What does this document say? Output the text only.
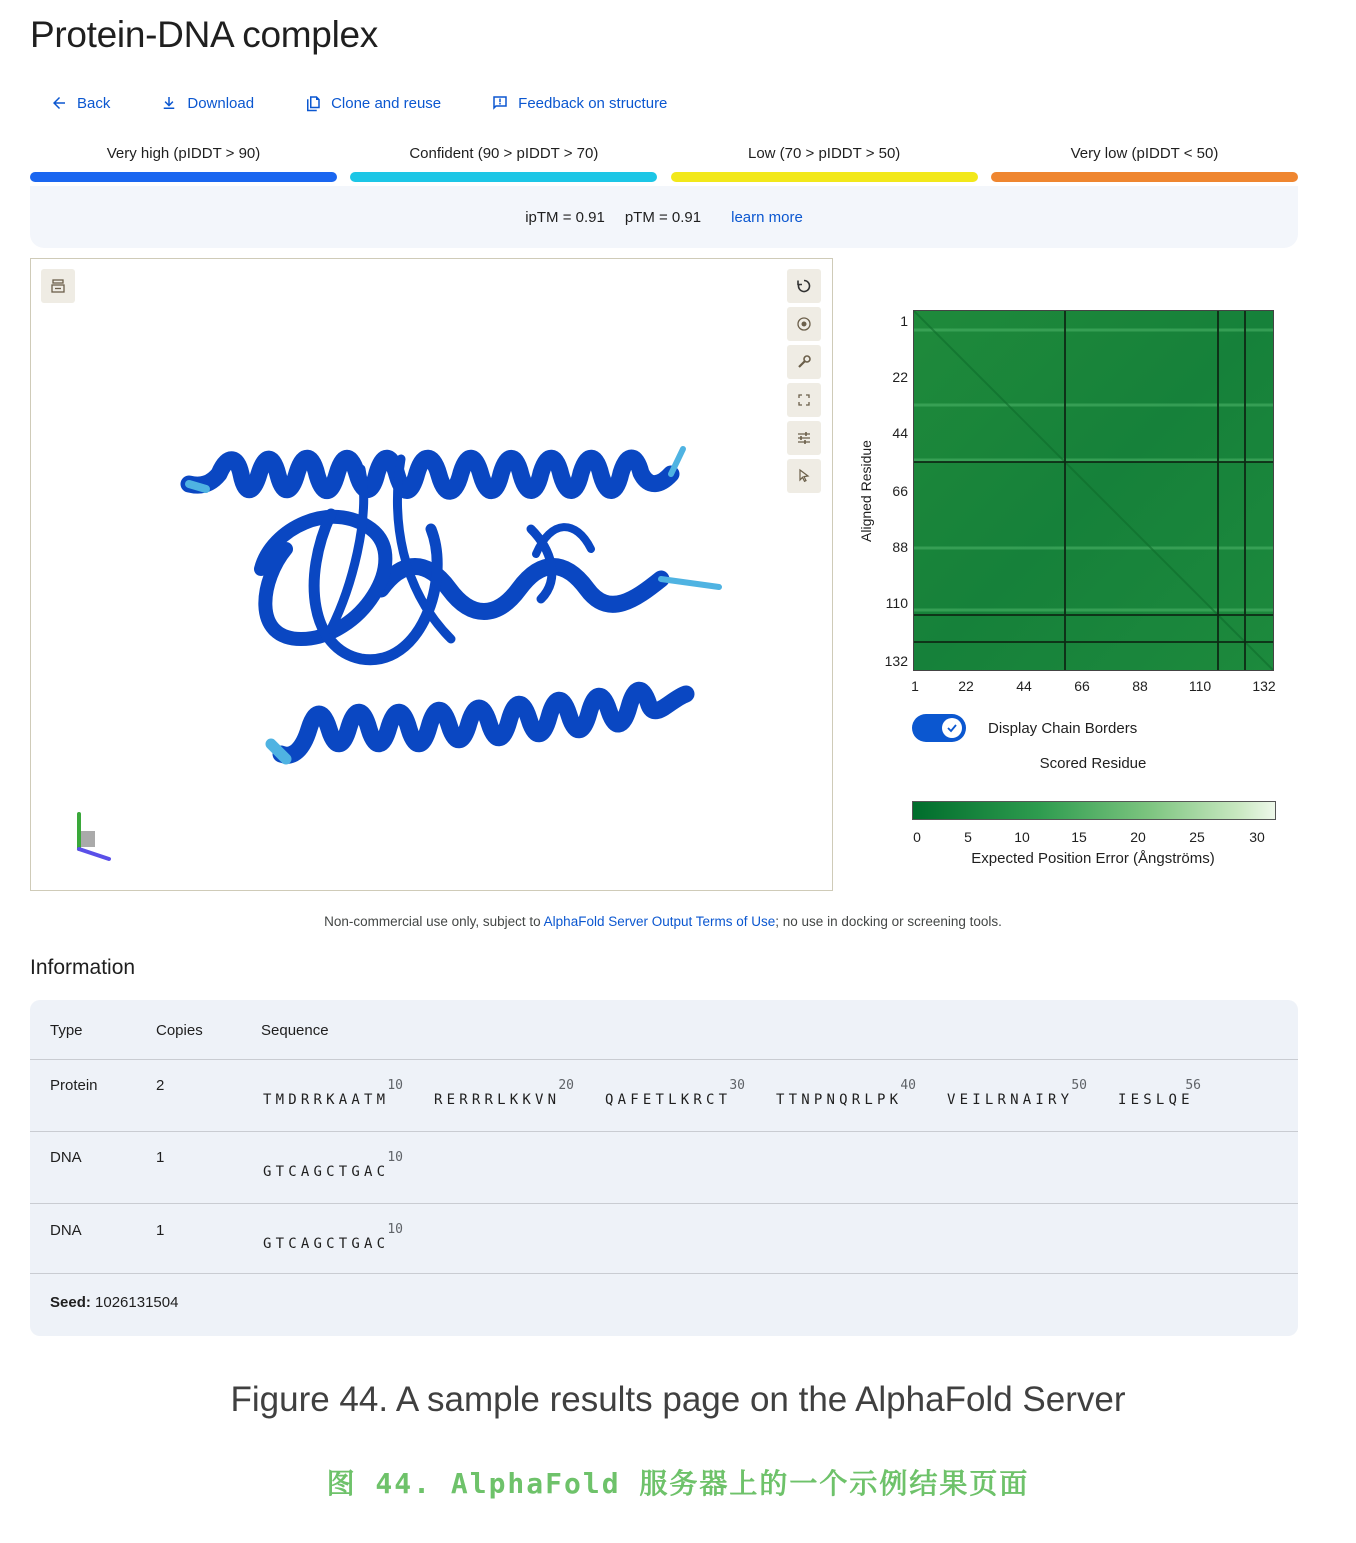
Protein-DNA complex
Back	Download	Clone and reuse	Feedback on structure
Very high (pIDDT > 90)	Confident (90 > pIDDT > 70)	Low (70 > pIDDT > 50)	Very low (pIDDT < 50)
ipTM = 0.91 pTM = 0.91 learn more
Aligned Residue
1
22
44
66
88
110
132
1	22	44	66	88	110	132
Display Chain Borders
Scored Residue
0	5	10	15	20	25	30
Expected Position Error (Ångströms)
Non-commercial use only, subject to AlphaFold Server Output Terms of Use; no use in docking or screening tools.
Information
Type	Copies	Sequence
Protein	2	10
TMDRRKAATM
20
RERRRLKKVN
30
QAFETLKRCT
40
TTNPNQRLPK
50
VEILRNAIRY
56
IESLQE
DNA	1	10
GTCAGCTGAC
DNA	1	10
GTCAGCTGAC
Seed: 1026131504
Figure 44. A sample results page on the AlphaFold Server
图 44. AlphaFold 服务器上的一个示例结果页面
